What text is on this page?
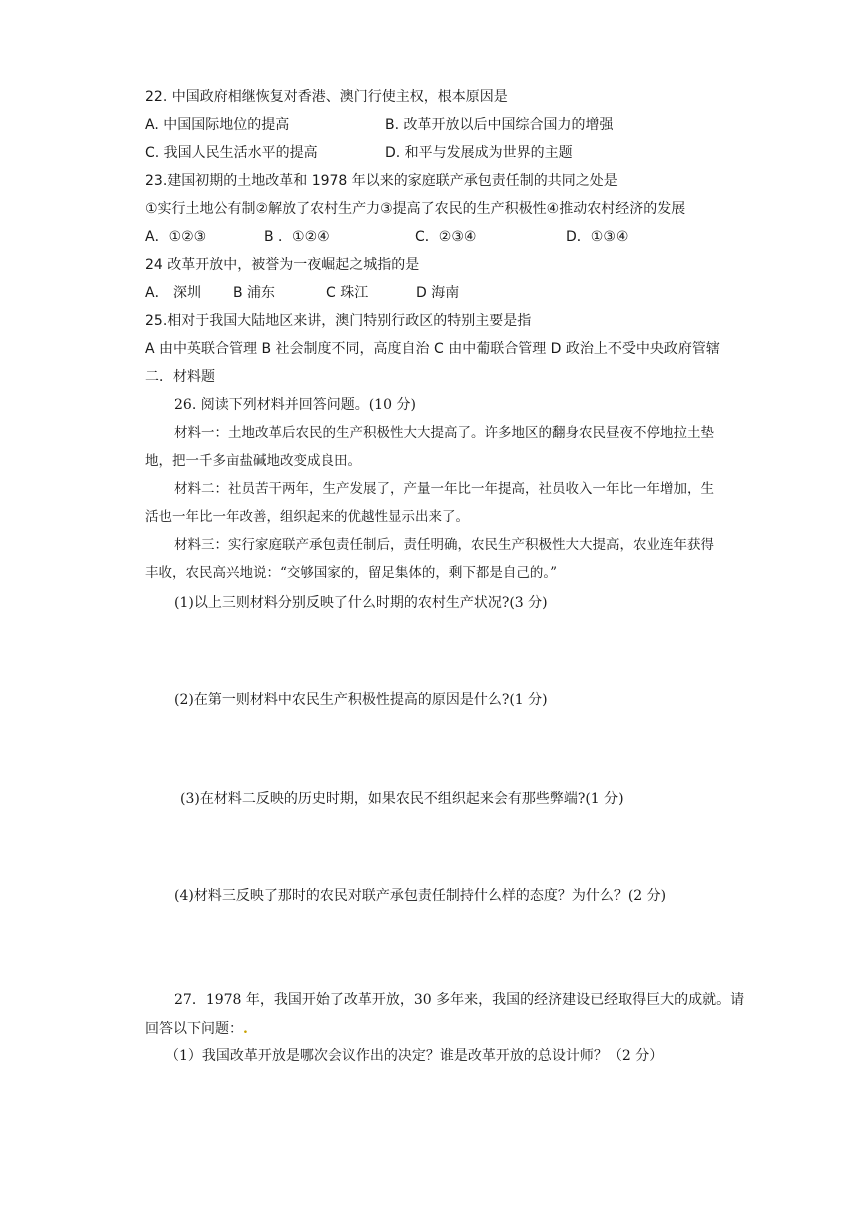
22. 中国政府相继恢复对香港、澳门行使主权，根本原因是
A. 中国国际地位的提高	B. 改革开放以后中国综合国力的增强
C. 我国人民生活水平的提高	D. 和平与发展成为世界的主题
23.建国初期的土地改革和 1978 年以来的家庭联产承包责任制的共同之处是
①实行土地公有制②解放了农村生产力③提高了农民的生产积极性④推动农村经济的发展
A．①②③	B ．①②④	C．②③④	D．①③④
24 改革开放中，被誉为一夜崛起之城指的是
A． 深圳 B 浦东	C 珠江	D 海南
25.相对于我国大陆地区来讲，澳门特别行政区的特别主要是指
A 由中英联合管理 B 社会制度不同，高度自治 C 由中葡联合管理 D 政治上不受中央政府管辖
二．材料题
26. 阅读下列材料并回答问题。(10 分)
材料一：土地改革后农民的生产积极性大大提高了。许多地区的翻身农民昼夜不停地拉土垫
地，把一千多亩盐碱地改变成良田。
材料二：社员苦干两年，生产发展了，产量一年比一年提高，社员收入一年比一年增加，生
活也一年比一年改善，组织起来的优越性显示出来了。
材料三：实行家庭联产承包责任制后，责任明确，农民生产积极性大大提高，农业连年获得
丰收，农民高兴地说：“交够国家的，留足集体的，剩下都是自己的。”
(1)以上三则材料分别反映了什么时期的农村生产状况?(3 分)
(2)在第一则材料中农民生产积极性提高的原因是什么?(1 分)
(3)在材料二反映的历史时期，如果农民不组织起来会有那些弊端?(1 分)
(4)材料三反映了那时的农民对联产承包责任制持什么样的态度？为什么？(2 分)
27．1978 年，我国开始了改革开放，30 多年来，我国的经济建设已经取得巨大的成就。请
回答以下问题：.
（1）我国改革开放是哪次会议作出的决定？谁是改革开放的总设计师？（2 分）
